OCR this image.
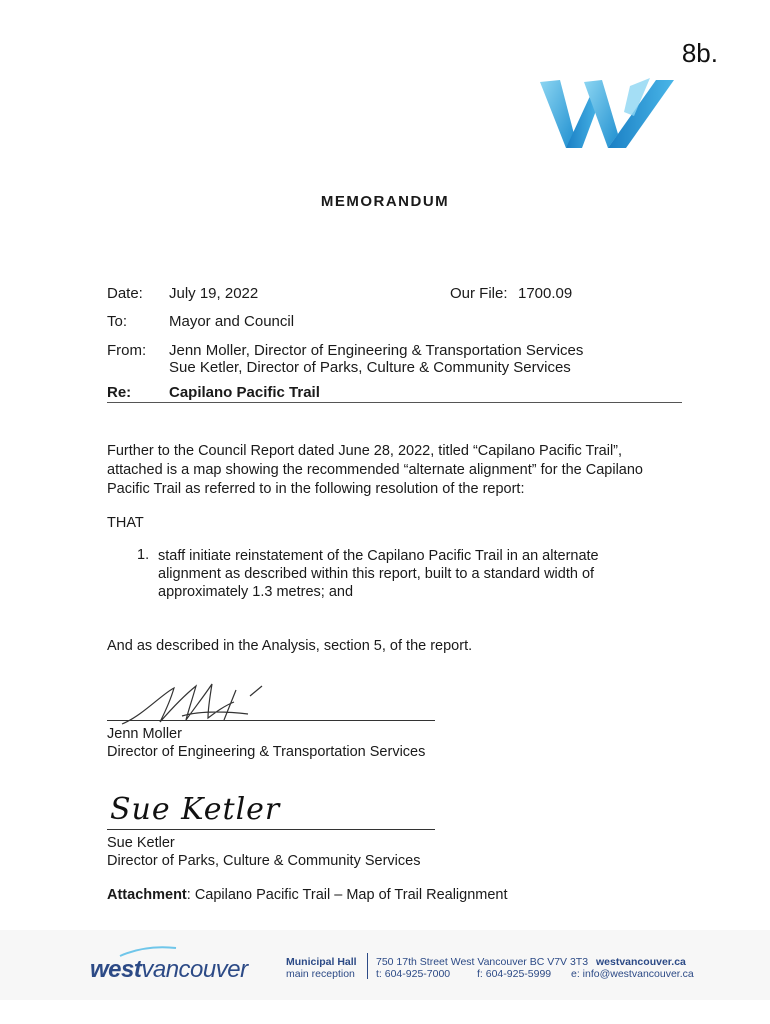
8b.
MEMORANDUM
Date: July 19, 2022	Our File: 1700.09
To:	Mayor and Council
From: Jenn Moller, Director of Engineering & Transportation Services
Sue Ketler, Director of Parks, Culture & Community Services
Re:	Capilano Pacific Trail
Further to the Council Report dated June 28, 2022, titled “Capilano Pacific Trail”,
attached is a map showing the recommended “alternate alignment” for the Capilano
Pacific Trail as referred to in the following resolution of the report:
THAT
1. staff initiate reinstatement of the Capilano Pacific Trail in an alternate
alignment as described within this report, built to a standard width of
approximately 1.3 metres; and
And as described in the Analysis, section 5, of the report.
Jenn Moller
Director of Engineering & Transportation Services
Sue Ketler
Sue Ketler
Director of Parks, Culture & Community Services
Attachment: Capilano Pacific Trail – Map of Trail Realignment
westvancouver	Municipal Hall
main reception
750 17th Street West Vancouver BC V7V 3T3
t: 604-925-7000	f: 604-925-5999
westvancouver.ca
e: info@westvancouver.ca
